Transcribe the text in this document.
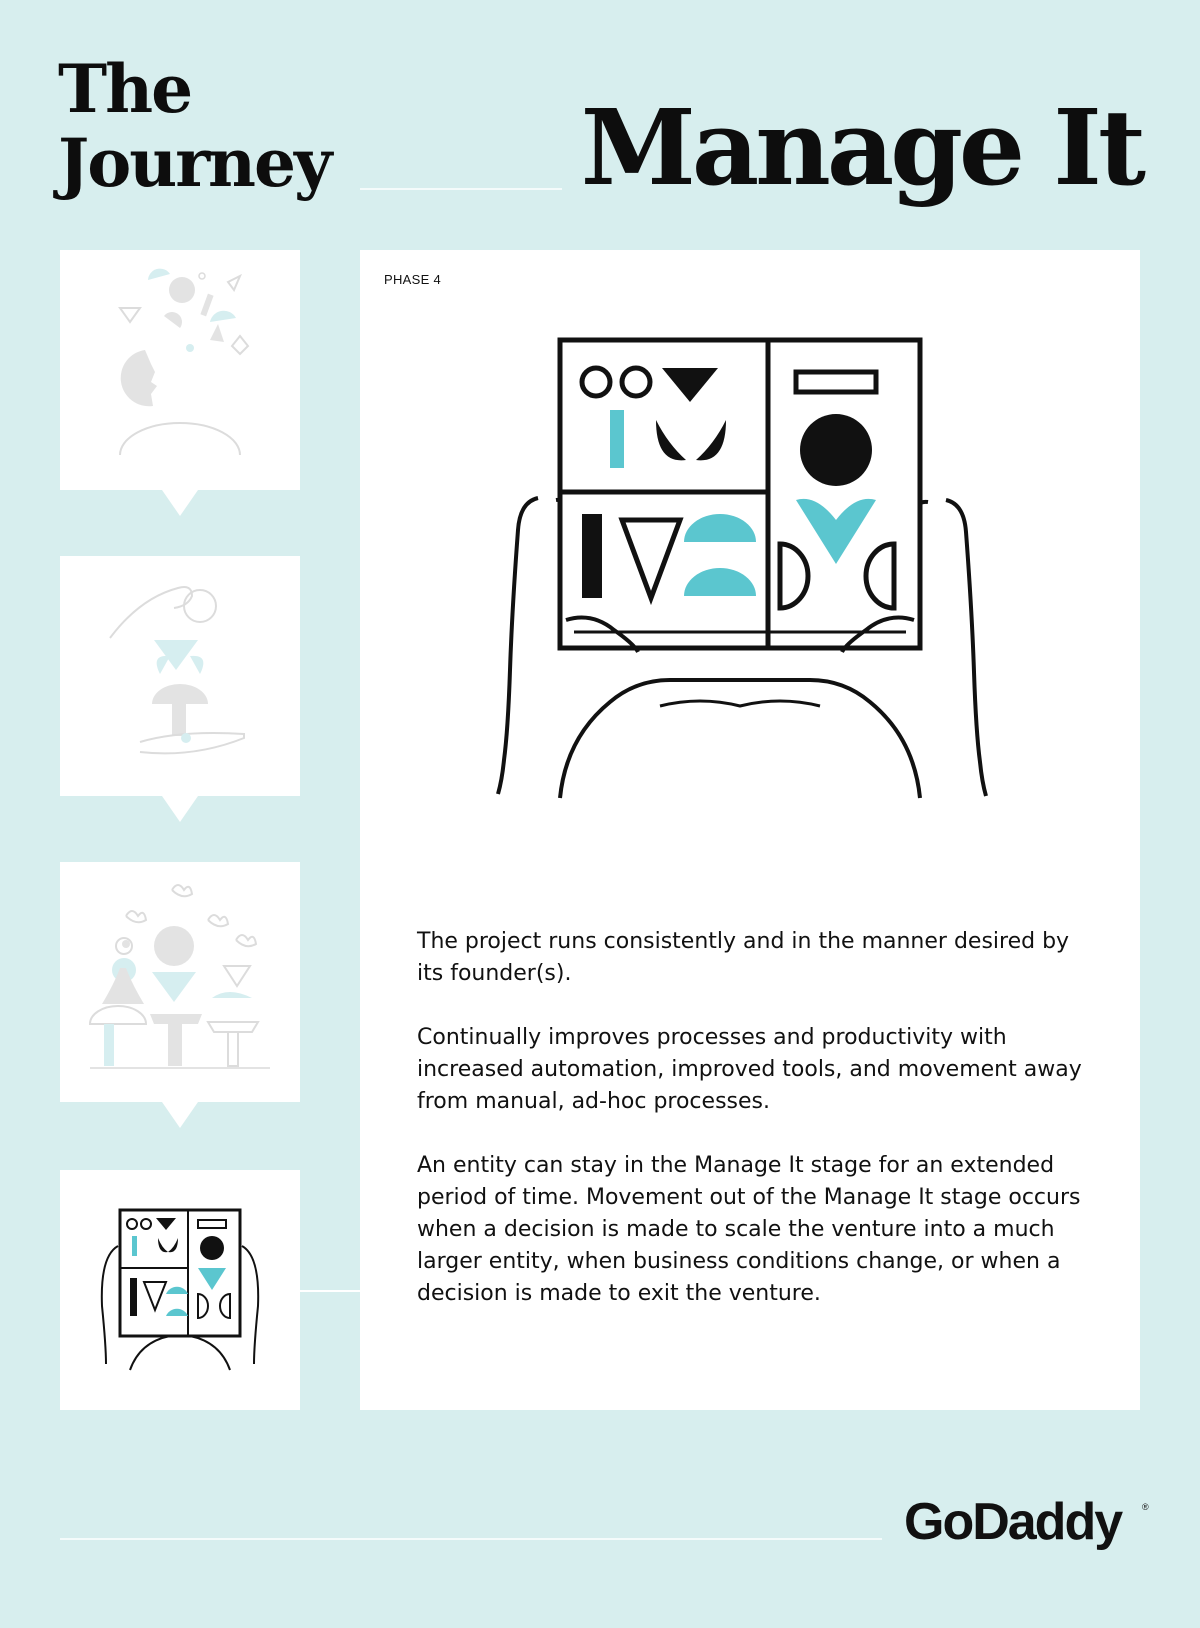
The
Journey Manage It
PHASE 4

The project runs consistently and in the manner desired by its founder(s).

Continually improves processes and productivity with increased automation, improved tools, and movement away from manual, ad-hoc processes.

An entity can stay in the Manage It stage for an extended period of time. Movement out of the Manage It stage occurs when a decision is made to scale the venture into a much larger entity, when business conditions change, or when a decision is made to exit the venture.

GoDaddy ®
